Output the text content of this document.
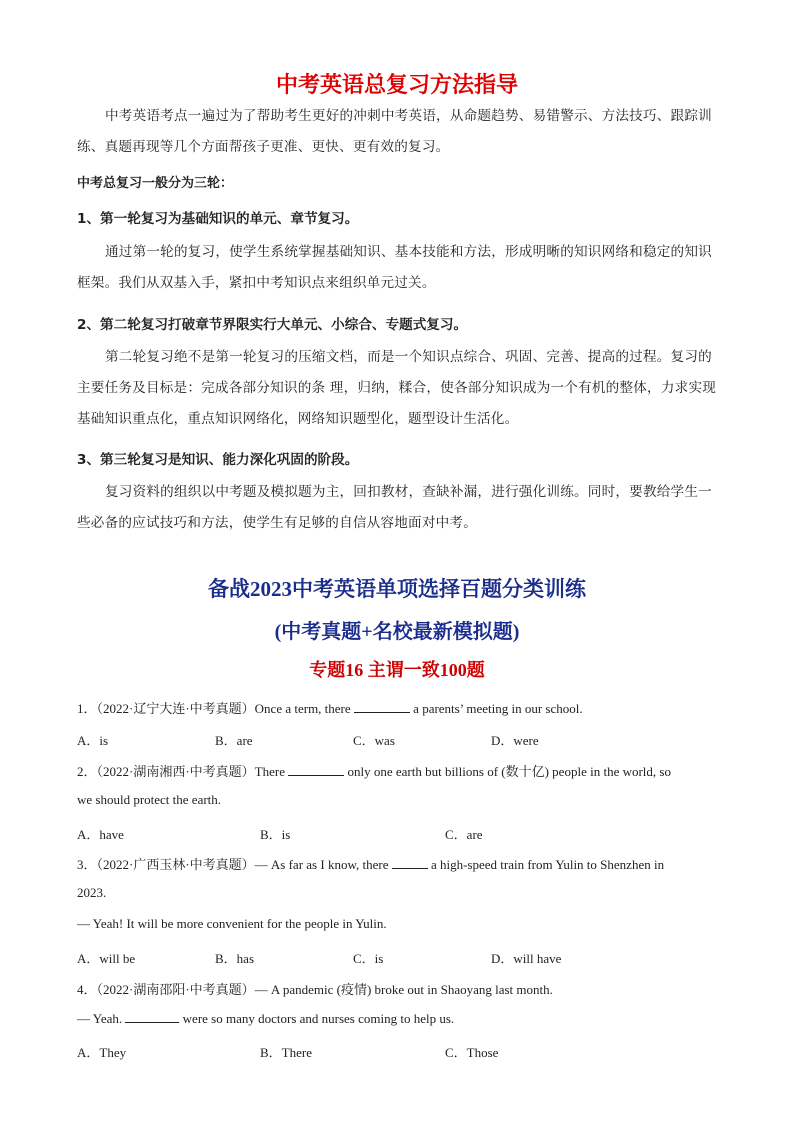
中考英语总复习方法指导

中考英语考点一遍过为了帮助考生更好的冲刺中考英语，从命题趋势、易错警示、方法技巧、跟踪训练、真题再现等几个方面帮孩子更准、更快、更有效的复习。

中考总复习一般分为三轮：

1、第一轮复习为基础知识的单元、章节复习。

通过第一轮的复习，使学生系统掌握基础知识、基本技能和方法，形成明晰的知识网络和稳定的知识框架。我们从双基入手，紧扣中考知识点来组织单元过关。

2、第二轮复习打破章节界限实行大单元、小综合、专题式复习。

第二轮复习绝不是第一轮复习的压缩文档，而是一个知识点综合、巩固、完善、提高的过程。复习的主要任务及目标是：完成各部分知识的条 理，归纳，糅合，使各部分知识成为一个有机的整体，力求实现基础知识重点化，重点知识网络化，网络知识题型化，题型设计生活化。

3、第三轮复习是知识、能力深化巩固的阶段。

复习资料的组织以中考题及模拟题为主，回扣教材，查缺补漏，进行强化训练。同时，要教给学生一些必备的应试技巧和方法，使学生有足够的自信从容地面对中考。

备战2023中考英语单项选择百题分类训练
(中考真题+名校最新模拟题)
专题16 主谓一致100题

1．（2022·辽宁大连·中考真题）Once a term, there	a parents’ meeting in our school.

A．is	B．are	C．was	D．were

2．（2022·湖南湘西·中考真题）There	only one earth but billions of (数十亿) people in the world, so

we should protect the earth.

A．have	B．is	C．are

3．（2022·广西玉林·中考真题）— As far as I know, there	a high-speed train from Yulin to Shenzhen in

2023.

— Yeah! It will be more convenient for the people in Yulin.

A．will be	B．has	C．is	D．will have

4．（2022·湖南邵阳·中考真题）— A pandemic (疫情) broke out in Shaoyang last month.

— Yeah.	were so many doctors and nurses coming to help us.

A．They	B．There	C．Those
